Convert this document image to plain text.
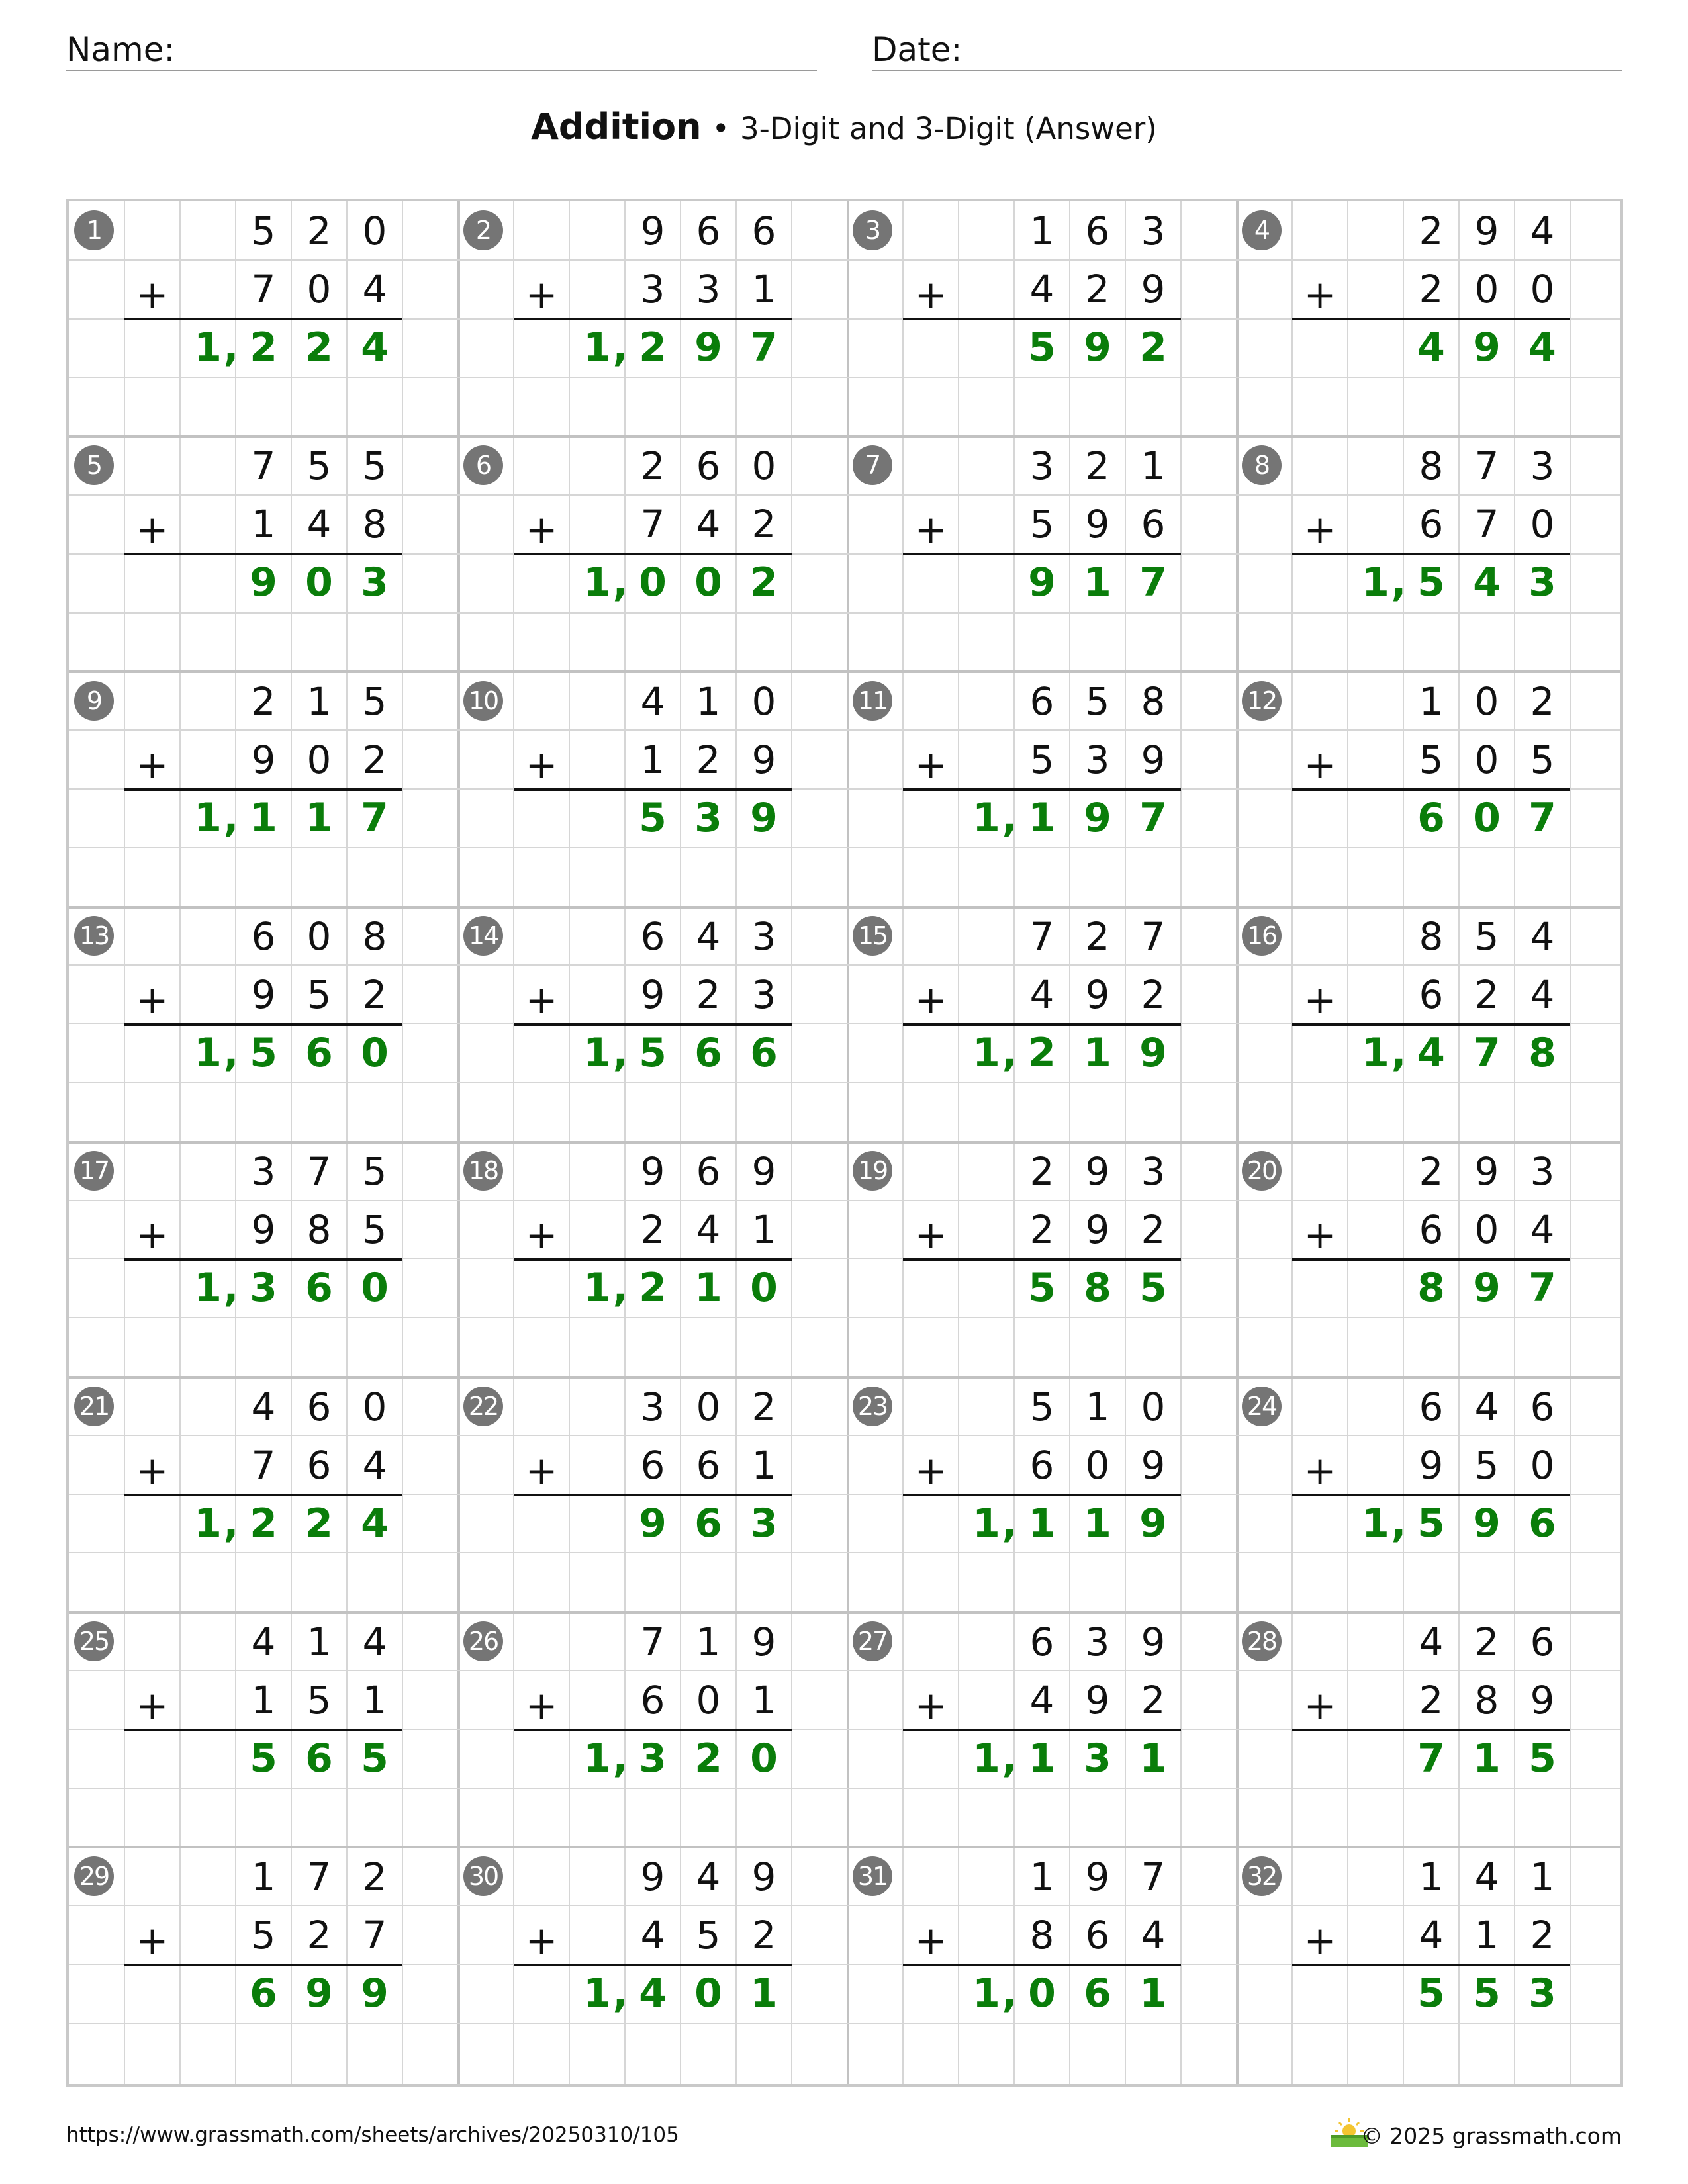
Name:	Date:
Addition • 3-Digit and 3-Digit (Answer)
1	5 2 0
+	7 0 4
1 2 2 4
,
2	9 6 6
+	3 3 1
1 2 9 7
,
3	1 6 3
+	4 2 9
5 9 2
4	2 9 4
+	2 0 0
4 9 4
5	7 5 5
+	1 4 8
9 0 3
6	2 6 0
+	7 4 2
1 0 0 2
,
7	3 2 1
+	5 9 6
9 1 7
8	8 7 3
+	6 7 0
1 5 4 3
,
9	2 1 5
+	9 0 2
1 1 1 7
,
10	4 1 0
+	1 2 9
5 3 9
11	6 5 8
+	5 3 9
1 1 9 7
,
12	1 0 2
+	5 0 5
6 0 7
13	6 0 8
+	9 5 2
1 5 6 0
,
14	6 4 3
+	9 2 3
1 5 6 6
,
15	7 2 7
+	4 9 2
1 2 1 9
,
16	8 5 4
+	6 2 4
1 4 7 8
,
17	3 7 5
+	9 8 5
1 3 6 0
,
18	9 6 9
+	2 4 1
1 2 1 0
,
19	2 9 3
+	2 9 2
5 8 5
20	2 9 3
+	6 0 4
8 9 7
21	4 6 0
+	7 6 4
1 2 2 4
,
22	3 0 2
+	6 6 1
9 6 3
23	5 1 0
+	6 0 9
1 1 1 9
,
24	6 4 6
+	9 5 0
1 5 9 6
,
25	4 1 4
+	1 5 1
5 6 5
26	7 1 9
+	6 0 1
1 3 2 0
,
27	6 3 9
+	4 9 2
1 1 3 1
,
28	4 2 6
+	2 8 9
7 1 5
29	1 7 2
+	5 2 7
6 9 9
30	9 4 9
+	4 5 2
1 4 0 1
,
31	1 9 7
+	8 6 4
1 0 6 1
,
32	1 4 1
+	4 1 2
5 5 3
https://www.grassmath.com/sheets/archives/20250310/105	© 2025 grassmath.com
